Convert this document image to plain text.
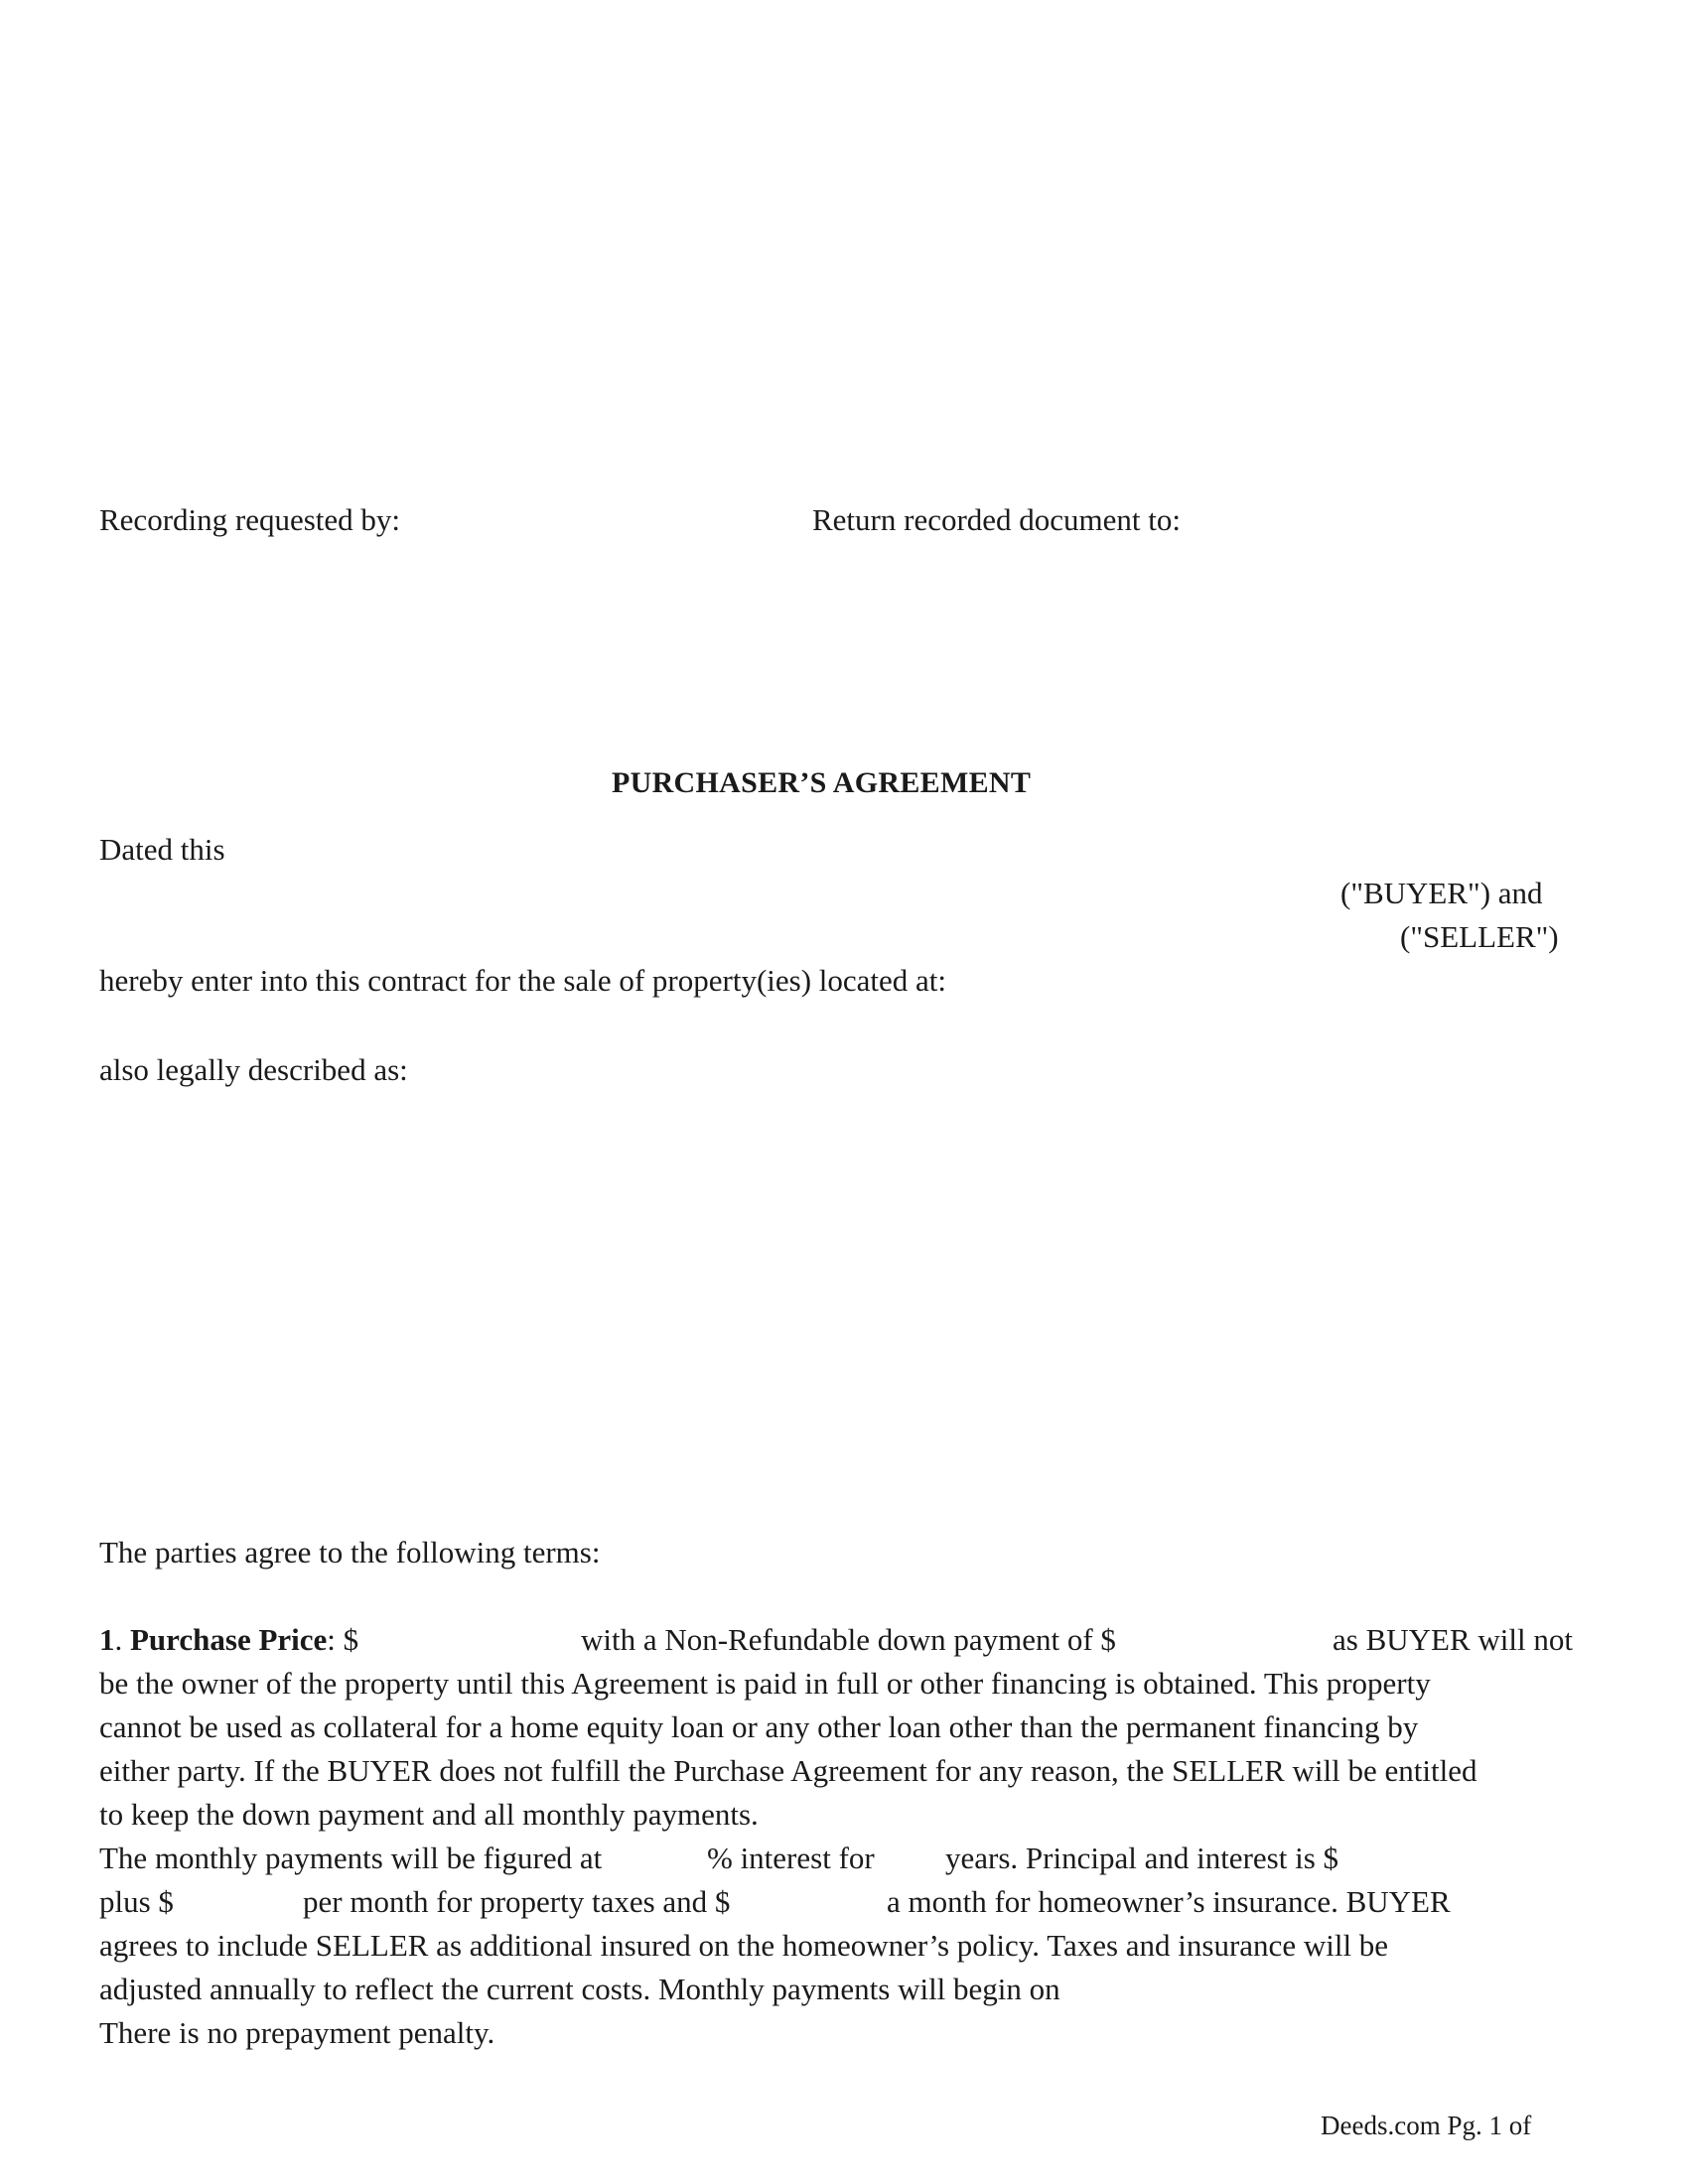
Recording requested by:	Return recorded document to:
PURCHASER’S AGREEMENT
Dated this
("BUYER") and
("SELLER")
hereby enter into this contract for the sale of property(ies) located at:
also legally described as:
The parties agree to the following terms:
1. Purchase Price: $	with a Non-Refundable down payment of $	as BUYER will not
be the owner of the property until this Agreement is paid in full or other financing is obtained. This property
cannot be used as collateral for a home equity loan or any other loan other than the permanent financing by
either party. If the BUYER does not fulfill the Purchase Agreement for any reason, the SELLER will be entitled
to keep the down payment and all monthly payments.
The monthly payments will be figured at	% interest for years. Principal and interest is $
plus $	per month for property taxes and $	a month for homeowner’s insurance. BUYER
agrees to include SELLER as additional insured on the homeowner’s policy. Taxes and insurance will be
adjusted annually to reflect the current costs. Monthly payments will begin on
There is no prepayment penalty.
Deeds.com Pg. 1 of
